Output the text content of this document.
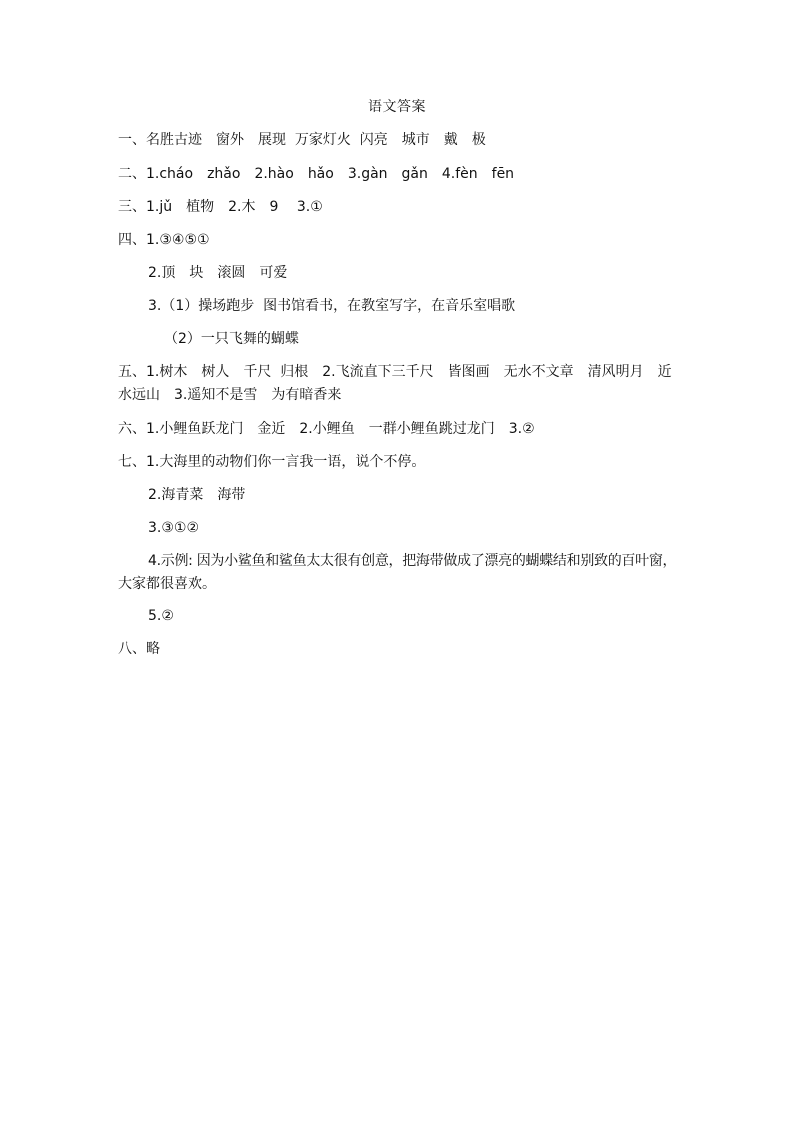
语文答案
一、名胜古迹　窗外　展现  万家灯火  闪亮　城市　戴　极
二、1.cháo　zhǎo　2.hào　hǎo　3.gàn　gǎn　4.fèn　fēn
三、1.jǔ　植物　2.木　9　 3.①
四、1.③④⑤①
2.顶　块　滚圆　可爱
3.（1）操场跑步  图书馆看书，在教室写字，在音乐室唱歌
（2）一只飞舞的蝴蝶
五、1.树木　树人　千尺  归根　2.飞流直下三千尺　皆图画　无水不文章　清风明月　近
水远山　3.遥知不是雪　为有暗香来
六、1.小鲤鱼跃龙门　金近　2.小鲤鱼　一群小鲤鱼跳过龙门　3.②
七、1.大海里的动物们你一言我一语，说个不停。
2.海青菜　海带
3.③①②
4.示例: 因为小鲨鱼和鲨鱼太太很有创意，把海带做成了漂亮的蝴蝶结和别致的百叶窗，
大家都很喜欢。
5.②
八、略
